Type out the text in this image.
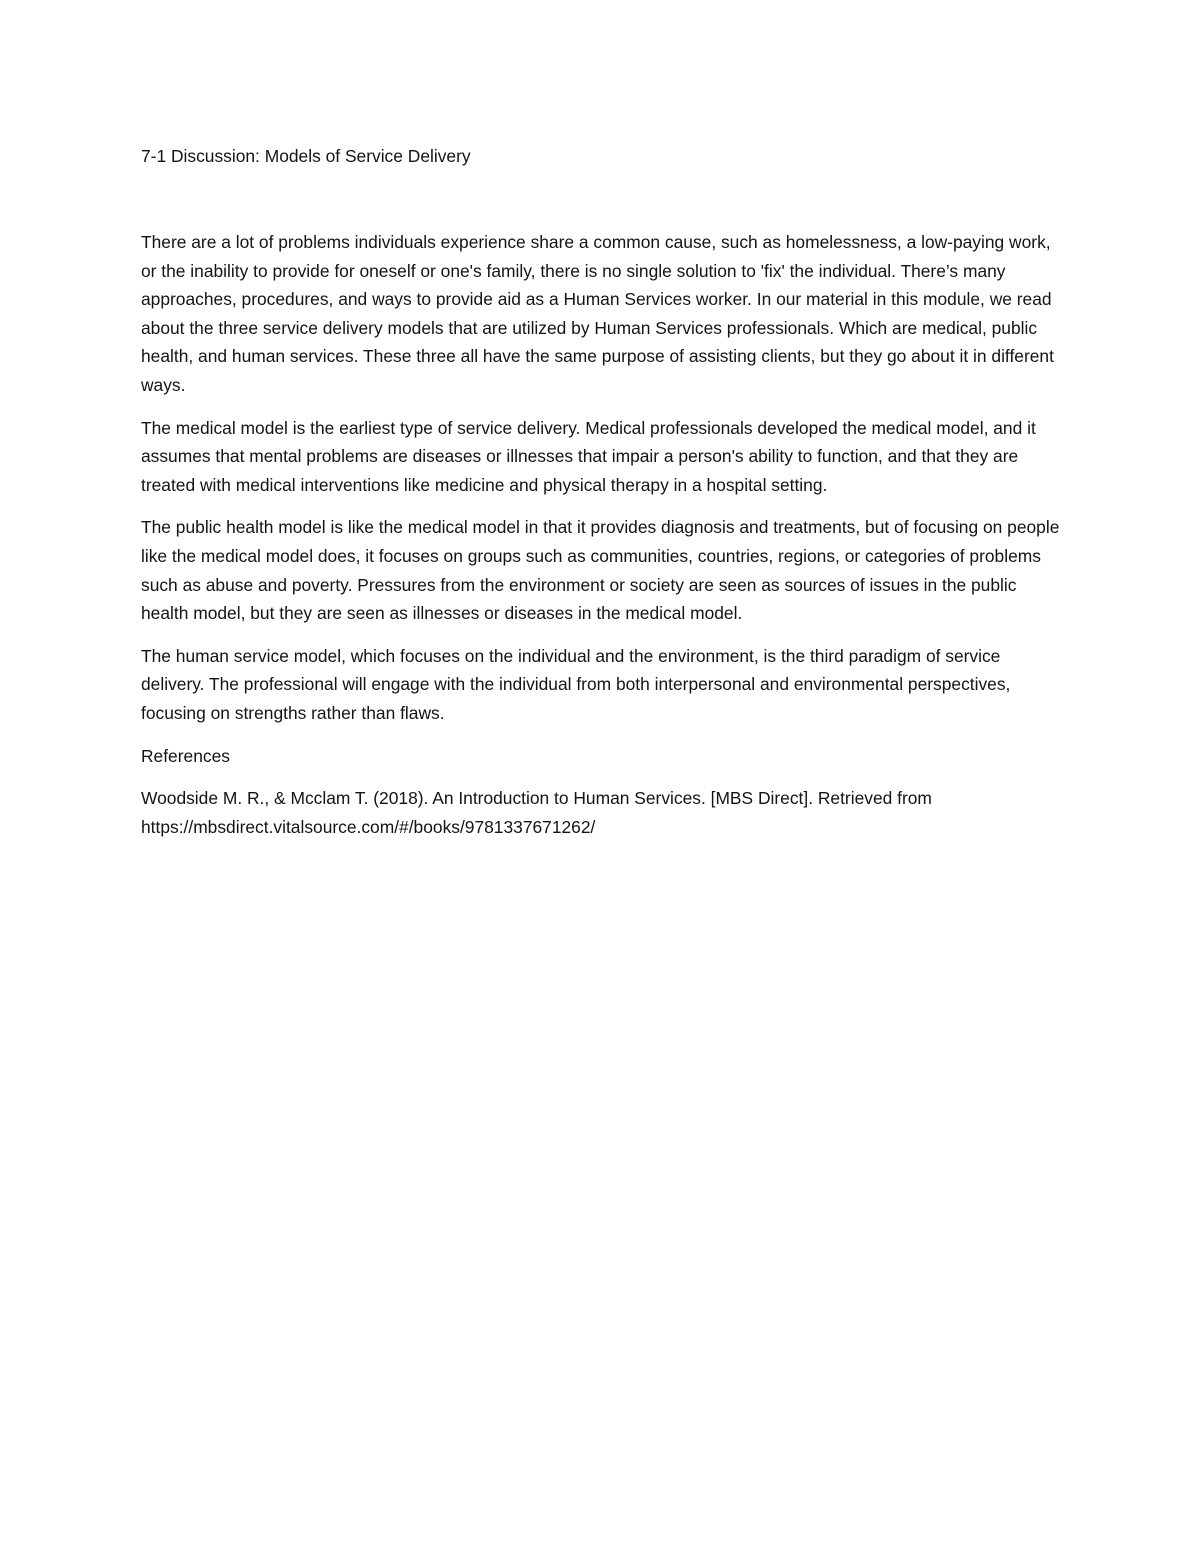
7-1 Discussion: Models of Service Delivery

There are a lot of problems individuals experience share a common cause, such as homelessness, a low-paying work, or the inability to provide for oneself or one's family, there is no single solution to 'fix' the individual. There’s many approaches, procedures, and ways to provide aid as a Human Services worker. In our material in this module, we read about the three service delivery models that are utilized by Human Services professionals. Which are medical, public health, and human services. These three all have the same purpose of assisting clients, but they go about it in different ways.

The medical model is the earliest type of service delivery. Medical professionals developed the medical model, and it assumes that mental problems are diseases or illnesses that impair a person's ability to function, and that they are treated with medical interventions like medicine and physical therapy in a hospital setting.

The public health model is like the medical model in that it provides diagnosis and treatments, but of focusing on people like the medical model does, it focuses on groups such as communities, countries, regions, or categories of problems such as abuse and poverty. Pressures from the environment or society are seen as sources of issues in the public health model, but they are seen as illnesses or diseases in the medical model.

The human service model, which focuses on the individual and the environment, is the third paradigm of service delivery. The professional will engage with the individual from both interpersonal and environmental perspectives, focusing on strengths rather than flaws.

References
Woodside M. R., & Mcclam T. (2018). An Introduction to Human Services. [MBS Direct]. Retrieved from
https://mbsdirect.vitalsource.com/#/books/9781337671262/
